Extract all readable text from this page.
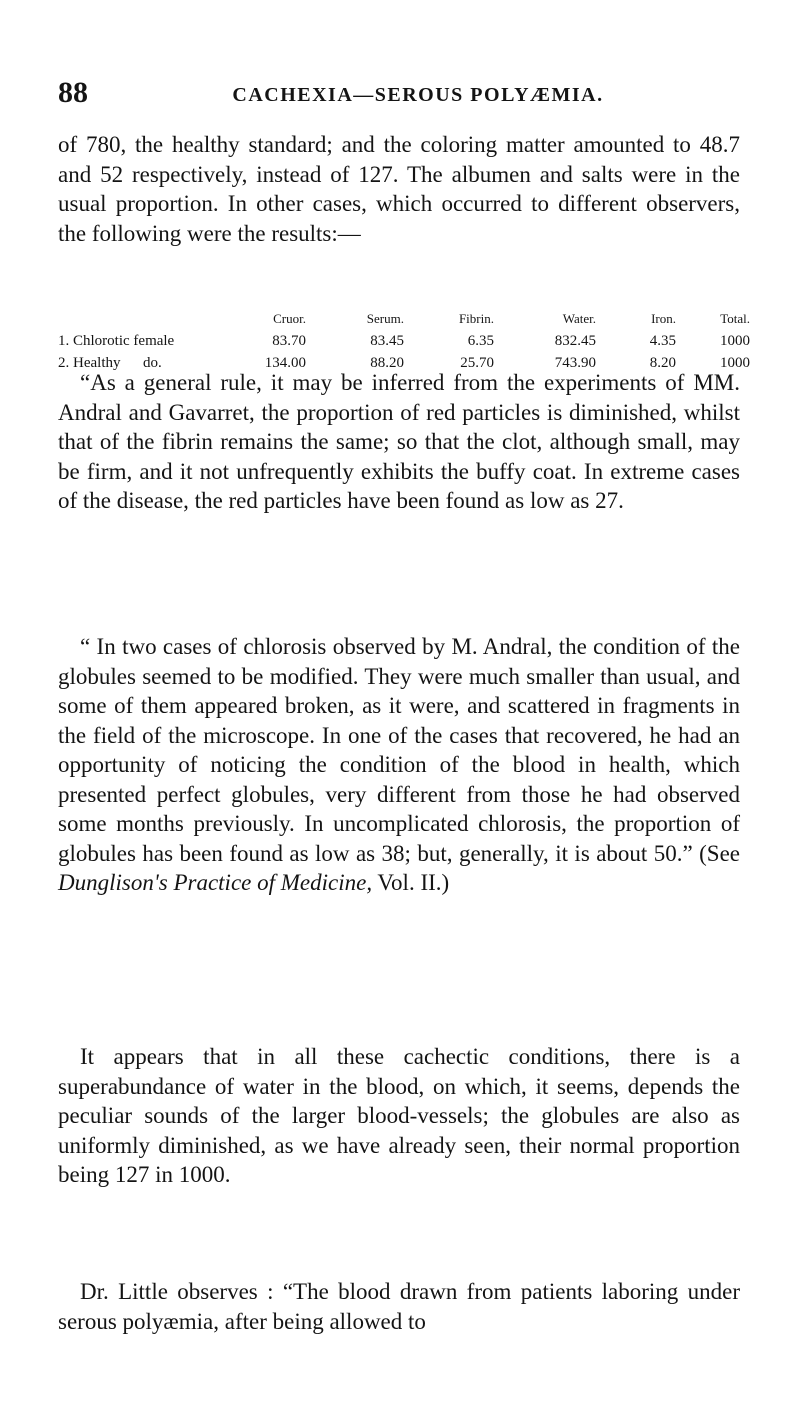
88	CACHEXIA—SEROUS POLYÆMIA.

of 780, the healthy standard; and the coloring matter amounted to 48.7 and 52 respectively, instead of 127. The albumen and salts were in the usual proportion. In other cases, which occurred to different observers, the following were the results:—

	Cruor.	Serum.	Fibrin.	Water.	Iron.	Total.
1. Chlorotic female	83.70	83.45	6.35	832.45	4.35	1000
2. Healthy      do.	134.00	88.20	25.70	743.90	8.20	1000

“As a general rule, it may be inferred from the experiments of MM. Andral and Gavarret, the proportion of red particles is diminished, whilst that of the fibrin remains the same; so that the clot, although small, may be firm, and it not unfrequently exhibits the buffy coat. In extreme cases of the disease, the red particles have been found as low as 27.

“ In two cases of chlorosis observed by M. Andral, the condition of the globules seemed to be modified. They were much smaller than usual, and some of them appeared broken, as it were, and scattered in fragments in the field of the microscope. In one of the cases that recovered, he had an opportunity of noticing the condition of the blood in health, which presented perfect globules, very different from those he had observed some months previously. In uncomplicated chlorosis, the proportion of globules has been found as low as 38; but, generally, it is about 50.” (See Dunglison's Practice of Medicine, Vol. II.)

It appears that in all these cachectic conditions, there is a superabundance of water in the blood, on which, it seems, depends the peculiar sounds of the larger blood-vessels; the globules are also as uniformly diminished, as we have already seen, their normal proportion being 127 in 1000.

Dr. Little observes : “The blood drawn from patients laboring under serous polyæmia, after being allowed to
